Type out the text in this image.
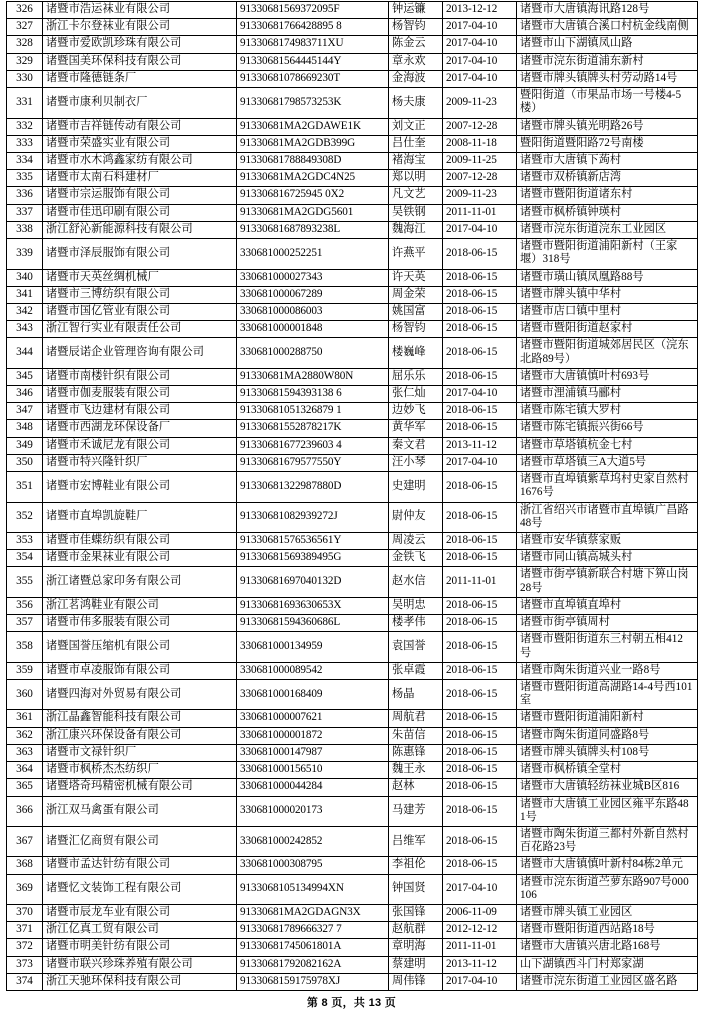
326	诸暨市浩运袜业有限公司	91330681569372095F	钟运镰	2013-12-12	诸暨市大唐镇海讯路128号
327	浙江卡尔登袜业有限公司	91330681766428895 8	杨智钧	2017-04-10	诸暨市大唐镇合溪口村杭金线南侧
328	诸暨市爱欧凯珍珠有限公司	9133068174983711XU	陈金云	2017-04-10	诸暨市山下湖镇凤山路
329	诸暨国美环保科技有限公司	91330681564445144Y	章永欢	2017-04-10	诸暨市浣东街道浦东新村
330	诸暨市隆德链条厂	91330681078669230T	金海波	2017-04-10	诸暨市牌头镇牌头村劳动路14号
331	诸暨市康利贝制衣厂	91330681798573253K	杨夫康	2009-11-23	暨阳街道（市果品市场一号楼4-5楼）
332	诸暨市吉祥链传动有限公司	91330681MA2GDAWE1K	刘文正	2007-12-28	诸暨市牌头镇光明路26号
333	诸暨市荣盛实业有限公司	91330681MA2GDB399G	吕仕奎	2008-11-18	暨阳街道暨阳路72号南楼
334	诸暨市水木鸿鑫家纺有限公司	91330681788849308D	褚海宝	2009-11-25	诸暨市大唐镇下蒟村
335	诸暨市太南石料建材厂	91330681MA2GDC4N25	郑以明	2007-12-28	诸暨市双桥镇新店湾
336	诸暨市宗运服饰有限公司	913306816725945 0X2	凡文艺	2009-11-23	诸暨市暨阳街道诸东村
337	诸暨市佳迅印刷有限公司	91330681MA2GDG5601	吴铁钢	2011-11-01	诸暨市枫桥镇钟瑛村
338	浙江舒沁新能源科技有限公司	91330681687893238L	魏海江	2017-04-10	诸暨市浣东街道浣东工业园区
339	诸暨市泽辰服饰有限公司	330681000252251	许燕平	2018-06-15	诸暨市暨阳街道浦阳新村（王家堰）318号
340	诸暨市天英丝绸机械厂	330681000027343	许天英	2018-06-15	诸暨市璜山镇凤凰路88号
341	诸暨市三博纺织有限公司	330681000067289	周金荣	2018-06-15	诸暨市牌头镇中华村
342	诸暨市国亿管业有限公司	330681000086003	姚国富	2018-06-15	诸暨市店口镇中里村
343	浙江智行实业有限责任公司	330681000001848	杨智钧	2018-06-15	诸暨市暨阳街道赵家村
344	诸暨辰诺企业管理咨询有限公司	330681000288750	楼巍峰	2018-06-15	诸暨市暨阳街道城郊居民区（浣东北路89号）
345	诸暨市南楼针织有限公司	91330681MA2880W80N	屈乐乐	2018-06-15	诸暨市大唐镇慎叶村693号
346	诸暨市伽麦服装有限公司	91330681594393138 6	张仁灿	2017-04-10	诸暨市浬浦镇马郦村
347	诸暨市飞边建材有限公司	91330681051326879 1	边妙飞	2018-06-15	诸暨市陈宅镇大罗村
348	诸暨市西湖龙环保设备厂	91330681552878217K	黄华军	2018-06-15	诸暨市陈宅镇振兴街66号
349	诸暨市禾诚尼龙有限公司	91330681677239603 4	秦文君	2013-11-12	诸暨市草塔镇杭金七村
350	诸暨市特兴隆针织厂	91330681679577550Y	汪小琴	2017-04-10	诸暨市草塔镇三A大道5号
351	诸暨市宏博鞋业有限公司	91330681322987880D	史建明	2018-06-15	诸暨市直埠镇紫草坞村史家自然村1676号
352	诸暨市直埠凯旋鞋厂	91330681082939272J	尉仲友	2018-06-15	浙江省绍兴市诸暨市直埠镇广昌路48号
353	诸暨市佳蝶纺织有限公司	91330681576536561Y	周凌云	2018-06-15	诸暨市安华镇蔡家贩
354	诸暨市金果袜业有限公司	91330681569389495G	金铁飞	2018-06-15	诸暨市同山镇高城头村
355	浙江诸暨总家印务有限公司	91330681697040132D	赵水信	2011-11-01	诸暨市街亭镇新联合村塘下箅山岗28号
356	浙江茗鸿鞋业有限公司	91330681693630653X	吴明忠	2018-06-15	诸暨市直埠镇直埠村
357	诸暨市伟多服装有限公司	91330681594360686L	楼孝伟	2018-06-15	诸暨市街亭镇周村
358	诸暨国誉压缩机有限公司	330681000134959	袁国誉	2018-06-15	诸暨市暨阳街道东三村朝五相412号
359	诸暨市卓凌服饰有限公司	330681000089542	张卓霞	2018-06-15	诸暨市陶朱街道兴业一路8号
360	诸暨四海对外贸易有限公司	330681000168409	杨晶	2018-06-15	诸暨市暨阳街道高湖路14-4号西101室
361	浙江晶鑫智能科技有限公司	330681000007621	周航君	2018-06-15	诸暨市暨阳街道浦阳新村
362	浙江康兴环保设备有限公司	330681000001872	朱苗信	2018-06-15	诸暨市陶朱街道同盛路8号
363	诸暨市文禄针织厂	330681000147987	陈惠锋	2018-06-15	诸暨市牌头镇牌头村108号
364	诸暨市枫桥杰杰纺织厂	330681000156510	魏王永	2018-06-15	诸暨市枫桥镇全堂村
365	诸暨塔奇玛精密机械有限公司	330681000044284	赵林	2018-06-15	诸暨市大唐镇轻纺袜业城B区816
366	浙江双马禽蛋有限公司	330681000020173	马建芳	2018-06-15	诸暨市大唐镇工业园区雍平东路481号
367	诸暨汇亿商贸有限公司	330681000242852	吕维军	2018-06-15	诸暨市陶朱街道三都村外新自然村百花路23号
368	诸暨市孟达针纺有限公司	330681000308795	李祖伦	2018-06-15	诸暨市大唐镇慎叶新村84栋2单元
369	诸暨忆文装饰工程有限公司	9133068105134994XN	钟国贤	2017-04-10	诸暨市浣东街道苎萝东路907号000106
370	诸暨市辰龙车业有限公司	91330681MA2GDAGN3X	张国锋	2006-11-09	诸暨市牌头镇工业园区
371	浙江亿真工贸有限公司	91330681789666327 7	赵航群	2012-12-12	诸暨市暨阳街道西站路18号
372	诸暨市明美针纺有限公司	91330681745061801A	章明海	2011-11-01	诸暨市大唐镇兴唐北路168号
373	诸暨市联兴珍珠养殖有限公司	91330681792082162A	蔡建明	2013-11-12	山下湖镇西斗门村郑家湖
374	浙江天驰环保科技有限公司	9133068159175978XJ	周伟锋	2017-04-10	诸暨市浣东街道工业园区盛名路
第 8 页，共 13 页
